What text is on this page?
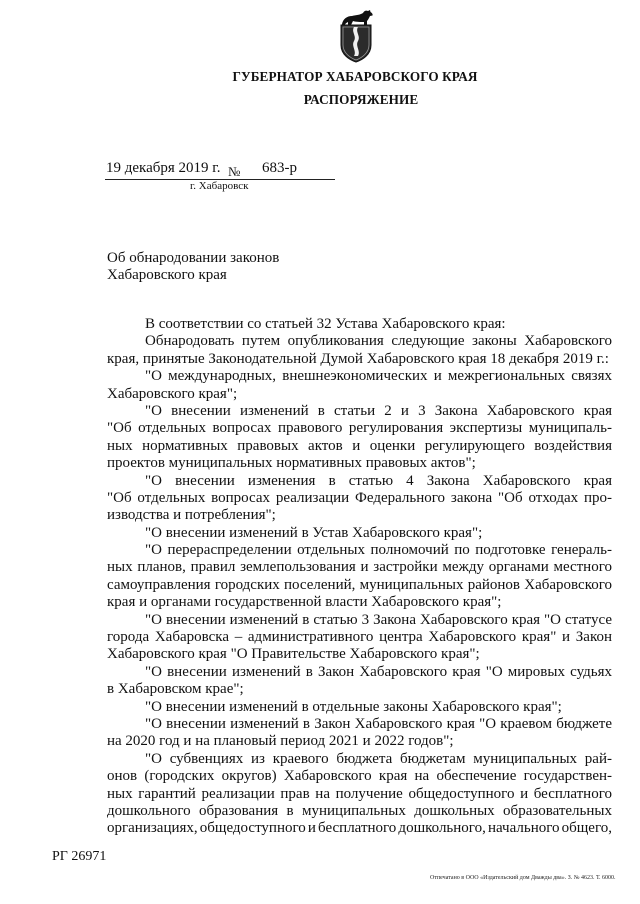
ГУБЕРНАТОР ХАБАРОВСКОГО КРАЯ
РАСПОРЯЖЕНИЕ
19 декабря 2019 г. № 683-р
г. Хабаровск
Об обнародовании законов
Хабаровского края
В соответствии со статьей 32 Устава Хабаровского края:
Обнародовать путем опубликования следующие законы Хабаровского
края, принятые Законодательной Думой Хабаровского края 18 декабря 2019 г.:
"О международных, внешнеэкономических и межрегиональных связях
Хабаровского края";
"О внесении изменений в статьи 2 и 3 Закона Хабаровского края
"Об отдельных вопросах правового регулирования экспертизы муниципаль-
ных нормативных правовых актов и оценки регулирующего воздействия
проектов муниципальных нормативных правовых актов";
"О внесении изменения в статью 4 Закона Хабаровского края
"Об отдельных вопросах реализации Федерального закона "Об отходах про-
изводства и потребления";
"О внесении изменений в Устав Хабаровского края";
"О перераспределении отдельных полномочий по подготовке генераль-
ных планов, правил землепользования и застройки между органами местного
самоуправления городских поселений, муниципальных районов Хабаровского
края и органами государственной власти Хабаровского края";
"О внесении изменений в статью 3 Закона Хабаровского края "О статусе
города Хабаровска – административного центра Хабаровского края" и Закон
Хабаровского края "О Правительстве Хабаровского края";
"О внесении изменений в Закон Хабаровского края "О мировых судьях
в Хабаровском крае";
"О внесении изменений в отдельные законы Хабаровского края";
"О внесении изменений в Закон Хабаровского края "О краевом бюджете
на 2020 год и на плановый период 2021 и 2022 годов";
"О субвенциях из краевого бюджета бюджетам муниципальных рай-
онов (городских округов) Хабаровского края на обеспечение государствен-
ных гарантий реализации прав на получение общедоступного и бесплатного
дошкольного образования в муниципальных дошкольных образовательных
организациях, общедоступного и бесплатного дошкольного, начального общего,
РГ 26971
Отпечатано в ООО «Издательский дом Дважды два». З. № 4623. Т. 6000.
